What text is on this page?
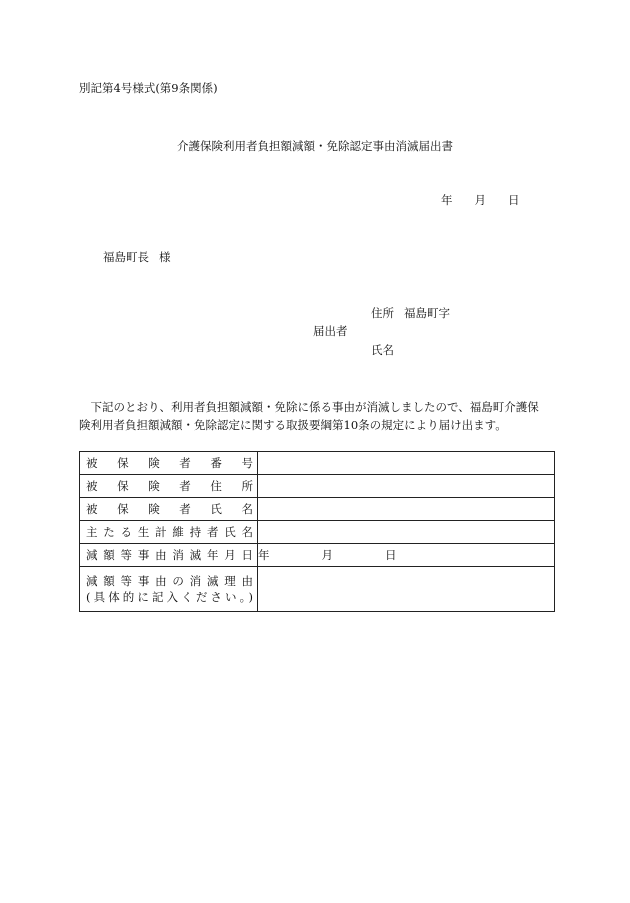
別記第4号様式(第9条関係)
介護保険利用者負担額減額・免除認定事由消滅届出書
年 月 日
福島町長 様
住所 福島町字
届出者
氏名
　下記のとおり、利用者負担額減額・免除に係る事由が消滅しましたので、福島町介護保
険利用者負担額減額・免除認定に関する取扱要綱第10条の規定により届け出ます。
被保険者番号	

被保険者住所	

被保険者氏名	

主たる生計維持者氏名	

減額等事由消滅年月日	年 月 日

減額等事由の消滅理由
(具体的に記入ください。)	
